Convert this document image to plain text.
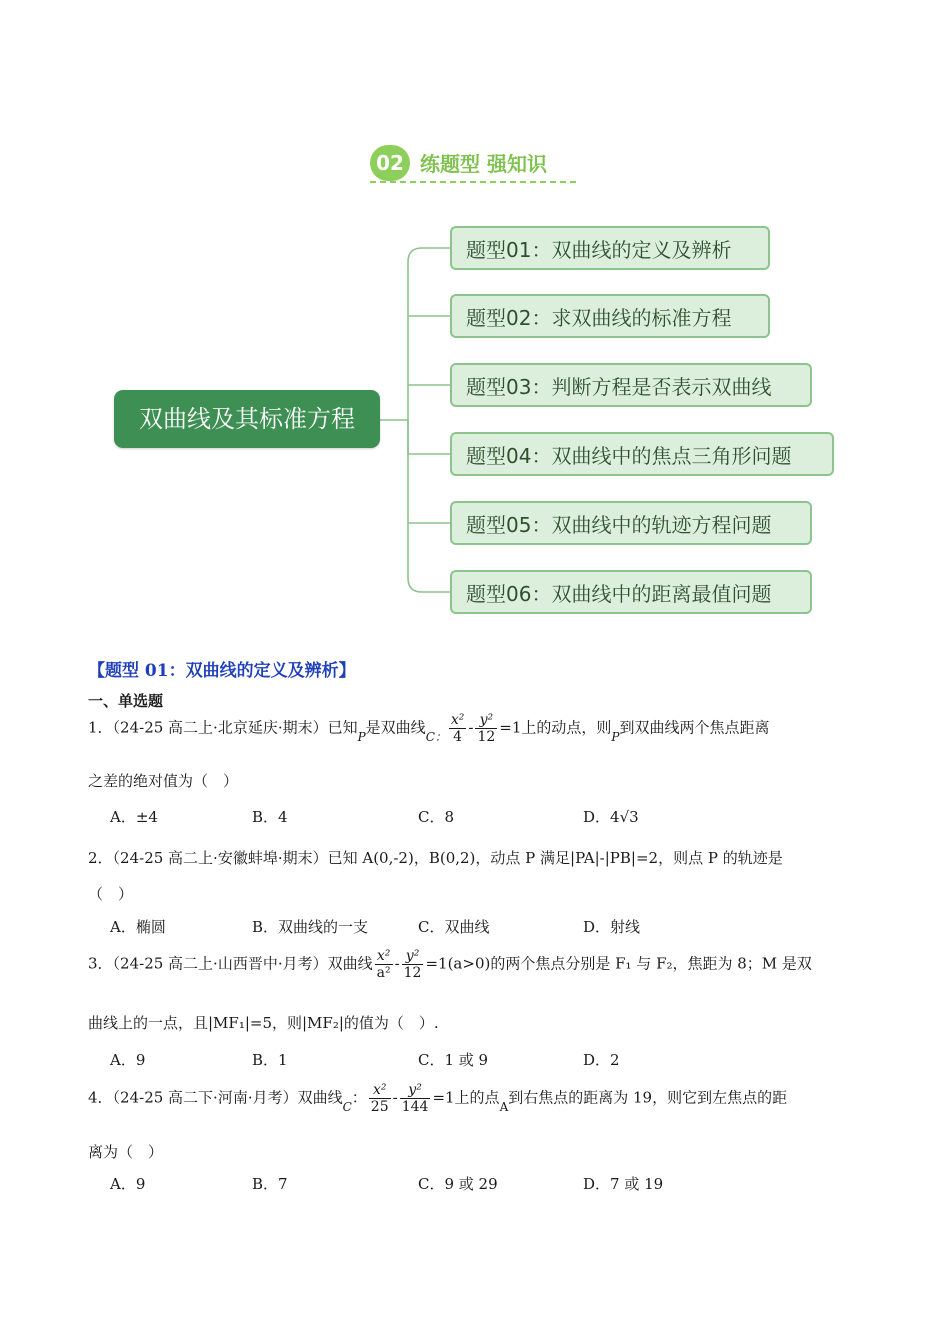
02 练题型 强知识
双曲线及其标准方程
题型01：双曲线的定义及辨析
题型02：求双曲线的标准方程
题型03：判断方程是否表示双曲线
题型04：双曲线中的焦点三角形问题
题型05：双曲线中的轨迹方程问题
题型06：双曲线中的距离最值问题
【题型 01：双曲线的定义及辨析】
一、单选题
1．（24-25 高二上·北京延庆·期末）已知$_P$是双曲线$_{C:} \frac{\text{x²}}{4} - \frac{\text{y²}}{12} =1$上的动点，则$_P$到双曲线两个焦点距离
之差的绝对值为（　）
A．±4	B．4	C．8	D．4√3
2．（24-25 高二上·安徽蚌埠·期末）已知 A(0,-2)，B(0,2)，动点 P 满足|PA|-|PB|=2，则点 P 的轨迹是
（　）
A．椭圆	B．双曲线的一支	C．双曲线	D．射线
3．（24-25 高二上·山西晋中·月考）双曲线 $\frac{\text{x²}}{\text{a²}} - \frac{\text{y²}}{12} =1(a>0)$的两个焦点分别是 F₁ 与 F₂，焦距为 8；M 是双
曲线上的一点，且|MF₁|=5，则|MF₂|的值为（　）.
A．9	B．1	C．1 或 9	D．2
4．（24-25 高二下·河南·月考）双曲线$_C$： $\frac{\text{x²}}{25} - \frac{\text{y²}}{144} =1$上的点$_A$到右焦点的距离为 19，则它到左焦点的距
离为（　）
A．9	B．7	C．9 或 29	D．7 或 19
